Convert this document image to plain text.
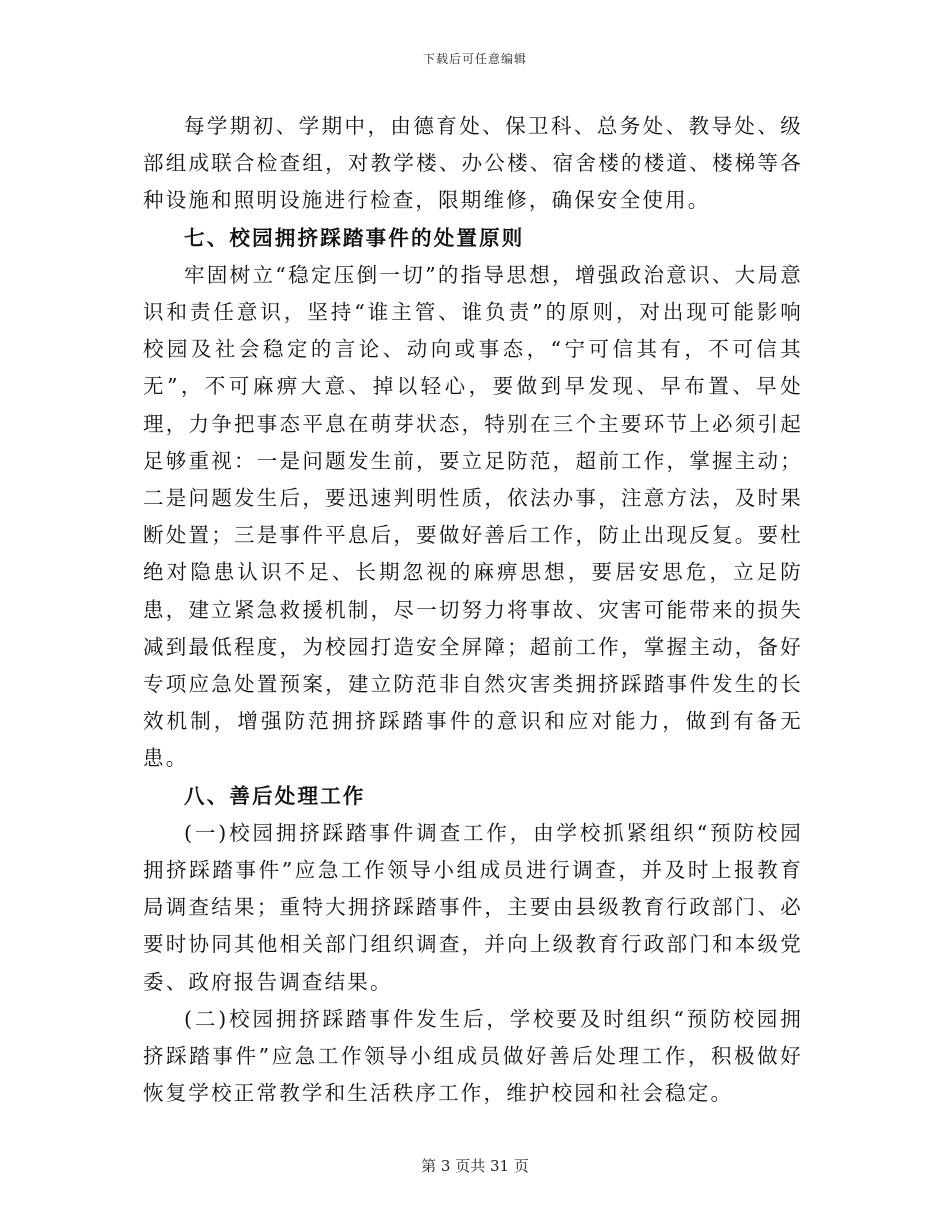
下载后可任意编辑

每学期初、学期中，由德育处、保卫科、总务处、教导处、级部组成联合检查组，对教学楼、办公楼、宿舍楼的楼道、楼梯等各种设施和照明设施进行检查，限期维修，确保安全使用。

七、校园拥挤踩踏事件的处置原则

牢固树立“稳定压倒一切”的指导思想，增强政治意识、大局意识和责任意识，坚持“谁主管、谁负责”的原则，对出现可能影响校园及社会稳定的言论、动向或事态，“宁可信其有，不可信其无”，不可麻痹大意、掉以轻心，要做到早发现、早布置、早处理，力争把事态平息在萌芽状态，特别在三个主要环节上必须引起足够重视：一是问题发生前，要立足防范，超前工作，掌握主动；二是问题发生后，要迅速判明性质，依法办事，注意方法，及时果断处置；三是事件平息后，要做好善后工作，防止出现反复。要杜绝对隐患认识不足、长期忽视的麻痹思想，要居安思危，立足防患，建立紧急救援机制，尽一切努力将事故、灾害可能带来的损失减到最低程度，为校园打造安全屏障；超前工作，掌握主动，备好专项应急处置预案，建立防范非自然灾害类拥挤踩踏事件发生的长效机制，增强防范拥挤踩踏事件的意识和应对能力，做到有备无患。

八、善后处理工作

(一)校园拥挤踩踏事件调查工作，由学校抓紧组织“预防校园拥挤踩踏事件”应急工作领导小组成员进行调查，并及时上报教育局调查结果；重特大拥挤踩踏事件，主要由县级教育行政部门、必要时协同其他相关部门组织调查，并向上级教育行政部门和本级党委、政府报告调查结果。

(二)校园拥挤踩踏事件发生后，学校要及时组织“预防校园拥挤踩踏事件”应急工作领导小组成员做好善后处理工作，积极做好恢复学校正常教学和生活秩序工作，维护校园和社会稳定。

第 3 页共 31 页
